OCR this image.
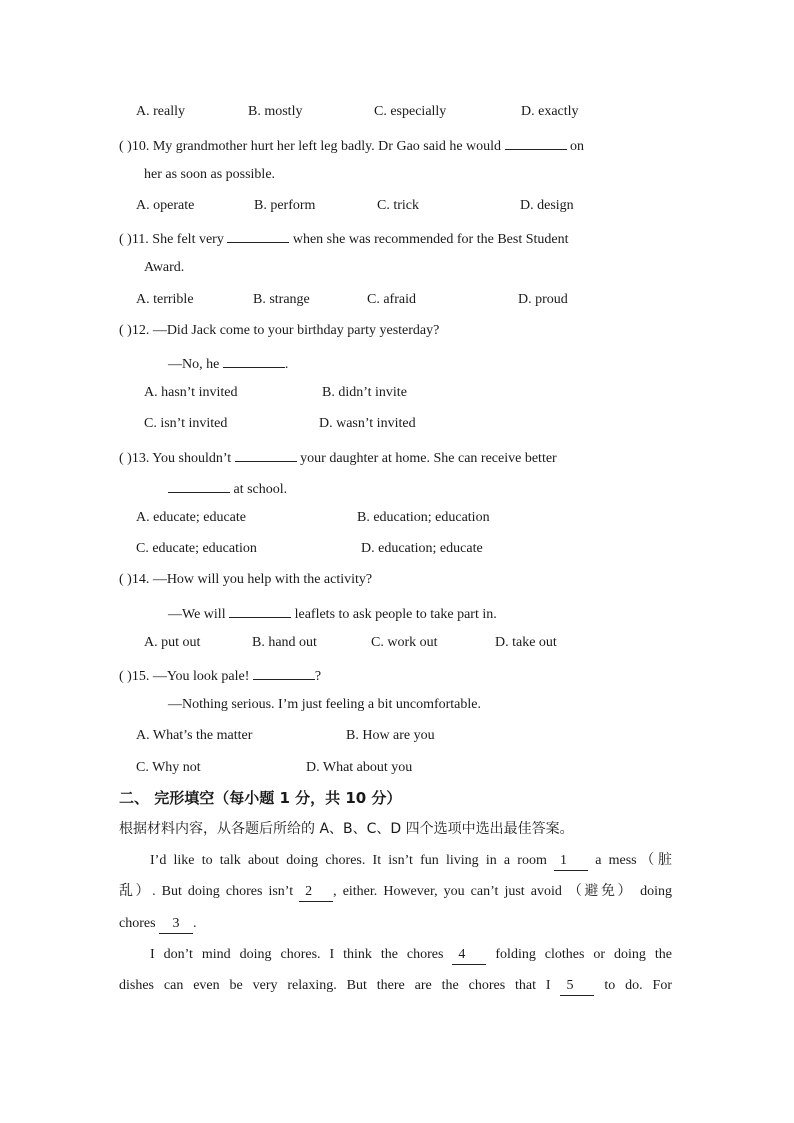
A. really	B. mostly	C. especially	D. exactly
( )10. My grandmother hurt her left leg badly. Dr Gao said he would	on
her as soon as possible.
A. operate	B. perform	C. trick	D. design
( )11. She felt very	when she was recommended for the Best Student
Award.
A. terrible	B. strange	C. afraid	D. proud
( )12. —Did Jack come to your birthday party yesterday?
—No, he	.
A. hasn’t invited	B. didn’t invite
C. isn’t invited	D. wasn’t invited
( )13. You shouldn’t	your daughter at home. She can receive better
at school.
A. educate; educate	B. education; education
C. educate; education	D. education; educate
( )14. —How will you help with the activity?
—We will	leaflets to ask people to take part in.
A. put out	B. hand out	C. work out	D. take out
( )15. —You look pale!	?
—Nothing serious. I’m just feeling a bit uncomfortable.
A. What’s the matter	B. How are you
C. Why not	D. What about you
二、 完形填空（每小题 1 分，共 10 分）
根据材料内容，从各题后所给的 A、B、C、D 四个选项中选出最佳答案。
I’d like to talk about doing chores. It isn’t fun living in a room 1 a mess（脏
乱）. But doing chores isn’t 2 , either. However, you can’t just avoid （避免） doing
chores 3 .
I don’t mind doing chores. I think the chores 4 folding clothes or doing the
dishes can even be very relaxing. But there are the chores that I 5 to do. For
